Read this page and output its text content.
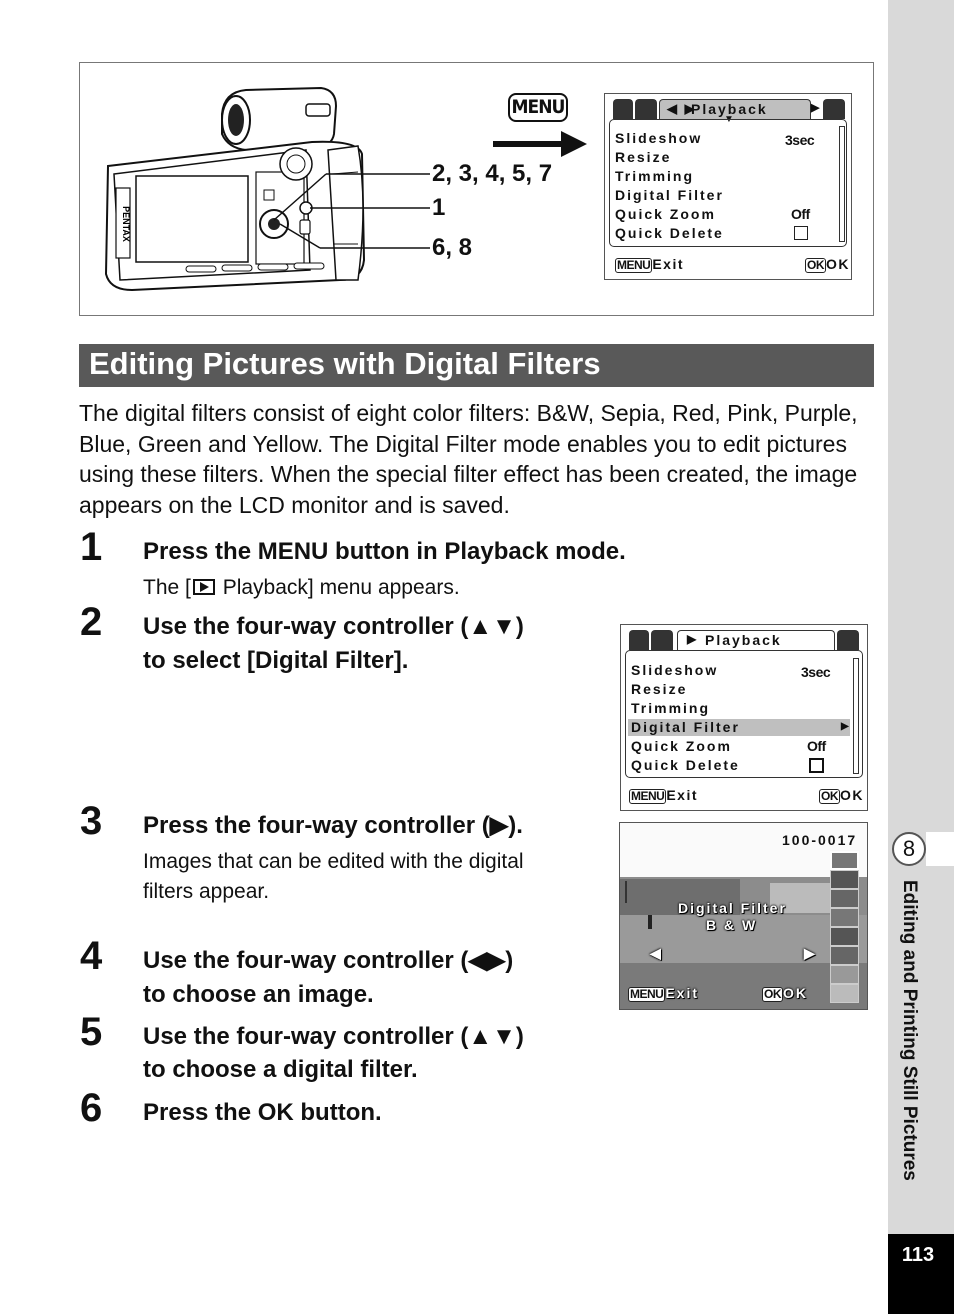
8
Editing and Printing Still Pictures
113
PENTAX
2, 3, 4, 5, 7
1
6, 8
MENU	◀ ▶
Playback	▶
▼
Slideshow	3sec
Resize
Trimming
Digital Filter
Quick Zoom	Off
Quick Delete
MENU Exit	OK OK
Editing Pictures with Digital Filters
The digital filters consist of eight color filters: B&W, Sepia, Red, Pink, Purple, Blue, Green and Yellow. The Digital Filter mode enables you to edit pictures using these filters. When the special filter effect has been created, the image appears on the LCD monitor and is saved.
1 Press the MENU button in Playback mode.
The [
Playback] menu appears.
2 Use the four-way controller (▲▼)
to select [Digital Filter].
▶ Playback
Slideshow	3sec
Resize
Trimming
Digital Filter	▶
Quick Zoom	Off
Quick Delete
MENU Exit	OK OK
3 Press the four-way controller (▶).
Images that can be edited with the digital
filters appear.
100-0017
Digital Filter
B & W
◀	▶
MENU Exit	OK OK
4 Use the four-way controller (◀▶)
to choose an image.
5 Use the four-way controller (▲▼)
to choose a digital filter.
6 Press the OK button.
